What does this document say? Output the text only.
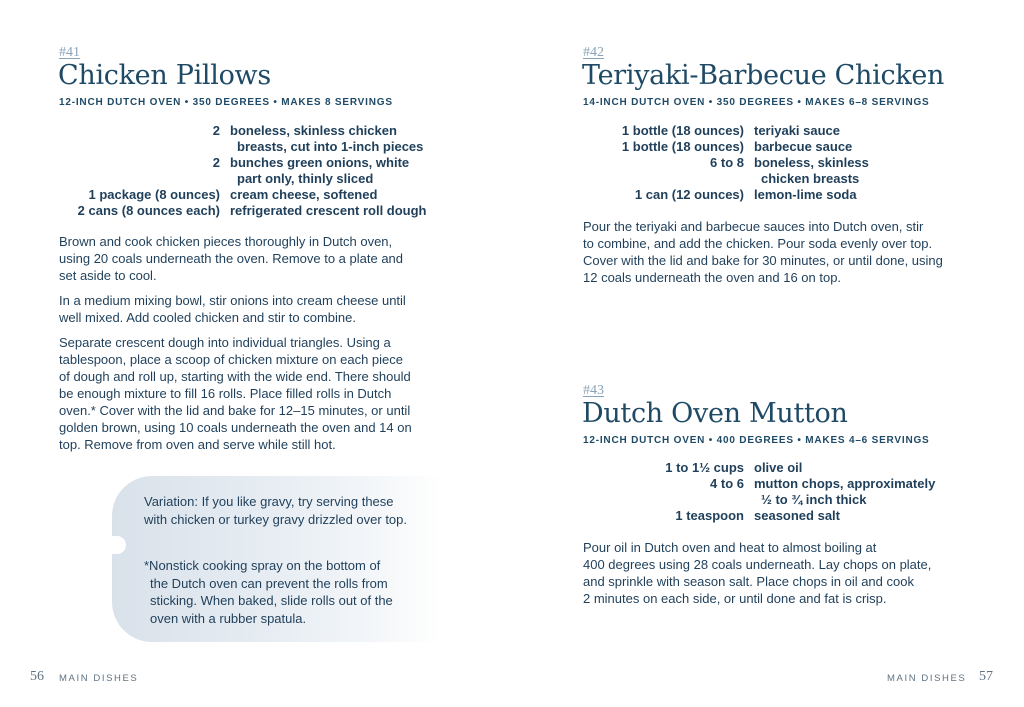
#41
Chicken Pillows
12-INCH DUTCH OVEN • 350 DEGREES • MAKES 8 SERVINGS
2 boneless, skinless chicken
breasts, cut into 1-inch pieces
2 bunches green onions, white
part only, thinly sliced
1 package (8 ounces) cream cheese, softened
2 cans (8 ounces each) refrigerated crescent roll dough

Brown and cook chicken pieces thoroughly in Dutch oven,
using 20 coals underneath the oven. Remove to a plate and
set aside to cool.

In a medium mixing bowl, stir onions into cream cheese until
well mixed. Add cooled chicken and stir to combine.

Separate crescent dough into individual triangles. Using a
tablespoon, place a scoop of chicken mixture on each piece
of dough and roll up, starting with the wide end. There should
be enough mixture to fill 16 rolls. Place filled rolls in Dutch
oven.* Cover with the lid and bake for 12–15 minutes, or until
golden brown, using 10 coals underneath the oven and 14 on
top. Remove from oven and serve while still hot.

Variation: If you like gravy, try serving these
with chicken or turkey gravy drizzled over top.
*Nonstick cooking spray on the bottom of
the Dutch oven can prevent the rolls from
sticking. When baked, slide rolls out of the
oven with a rubber spatula.
56 MAIN DISHES
#42
Teriyaki-Barbecue Chicken
14-INCH DUTCH OVEN • 350 DEGREES • MAKES 6–8 SERVINGS
1 bottle (18 ounces) teriyaki sauce
1 bottle (18 ounces) barbecue sauce
6 to 8 boneless, skinless
chicken breasts
1 can (12 ounces) lemon-lime soda

Pour the teriyaki and barbecue sauces into Dutch oven, stir
to combine, and add the chicken. Pour soda evenly over top.
Cover with the lid and bake for 30 minutes, or until done, using
12 coals underneath the oven and 16 on top.

#43
Dutch Oven Mutton
12-INCH DUTCH OVEN • 400 DEGREES • MAKES 4–6 SERVINGS
1 to 1½ cups olive oil
4 to 6 mutton chops, approximately
½ to ¾ inch thick
1 teaspoon seasoned salt

Pour oil in Dutch oven and heat to almost boiling at
400 degrees using 28 coals underneath. Lay chops on plate,
and sprinkle with season salt. Place chops in oil and cook
2 minutes on each side, or until done and fat is crisp.

MAIN DISHES 57
